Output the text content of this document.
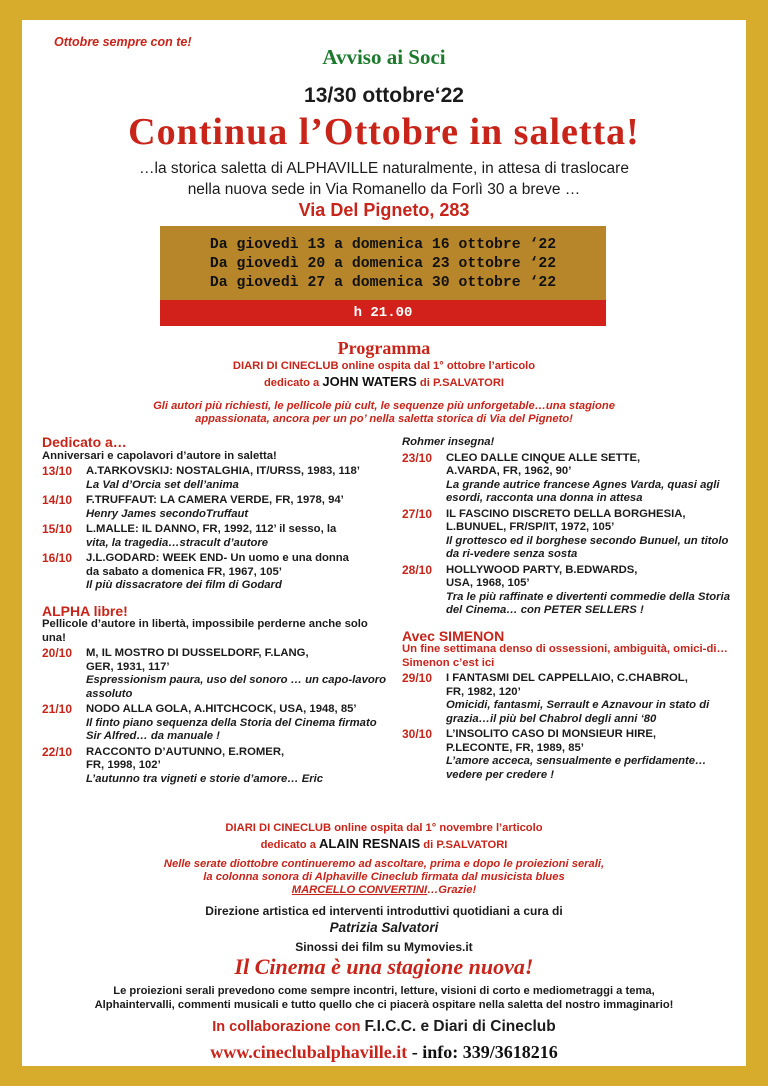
Ottobre sempre con te!
Avviso ai Soci
13/30 ottobre‘22
Continua l’Ottobre in saletta!
…la storica saletta di ALPHAVILLE naturalmente, in attesa di traslocare
nella nuova sede in Via Romanello da Forlì 30 a breve …
Via Del Pigneto, 283
Da giovedì 13 a domenica 16 ottobre ‘22
Da giovedì 20 a domenica 23 ottobre ‘22
Da giovedì 27 a domenica 30 ottobre ‘22
h 21.00
Programma
DIARI DI CINECLUB online ospita dal 1° ottobre l’articolo
dedicato a JOHN WATERS di P.SALVATORI
Gli autori più richiesti, le pellicole più cult, le sequenze più unforgetable…una stagione
appassionata, ancora per un po’ nella saletta storica di Via del Pigneto!
Dedicato a…
Anniversari e capolavori d’autore in saletta!
13/10	A.TARKOVSKIJ: NOSTALGHIA, IT/URSS, 1983, 118’
La Val d’Orcia set dell’anima
14/10	F.TRUFFAUT: LA CAMERA VERDE, FR, 1978, 94’
Henry James secondoTruffaut
15/10	L.MALLE: IL DANNO, FR, 1992, 112’ il sesso, la
vita, la tragedia…stracult d’autore
16/10	J.L.GODARD: WEEK END- Un uomo e una donna
da sabato a domenica FR, 1967, 105’
Il più dissacratore dei film di Godard
ALPHA libre!
Pellicole d’autore in libertà, impossibile perderne anche solo una!
20/10	M, IL MOSTRO DI DUSSELDORF, F.LANG,
GER, 1931, 117’
Espressionism paura, uso del sonoro … un capo-lavoro assoluto
21/10	NODO ALLA GOLA, A.HITCHCOCK, USA, 1948, 85’
Il finto piano sequenza della Storia del Cinema firmato Sir Alfred… da manuale !
22/10	RACCONTO D’AUTUNNO, E.ROMER,
FR, 1998, 102’
L’autunno tra vigneti e storie d’amore… Eric
Rohmer insegna!
23/10	CLEO DALLE CINQUE ALLE SETTE,
A.VARDA, FR, 1962, 90’
La grande autrice francese Agnes Varda, quasi agli esordi, racconta una donna in attesa
27/10	IL FASCINO DISCRETO DELLA BORGHESIA,
L.BUNUEL, FR/SP/IT, 1972, 105’
Il grottesco ed il borghese secondo Bunuel, un titolo da ri-vedere senza sosta
28/10	HOLLYWOOD PARTY, B.EDWARDS,
USA, 1968, 105’
Tra le più raffinate e divertenti commedie della Storia del Cinema… con PETER SELLERS !
Avec SIMENON
Un fine settimana denso di ossessioni, ambiguità, omici-di…Simenon c’est ici
29/10	I FANTASMI DEL CAPPELLAIO, C.CHABROL,
FR, 1982, 120’
Omicidi, fantasmi, Serrault e Aznavour in stato di grazia…il più bel Chabrol degli anni ‘80
30/10	L’INSOLITO CASO DI MONSIEUR HIRE,
P.LECONTE, FR, 1989, 85’
L’amore acceca, sensualmente e perfidamente… vedere per credere !
DIARI DI CINECLUB online ospita dal 1° novembre l’articolo
dedicato a ALAIN RESNAIS di P.SALVATORI
Nelle serate diottobre continueremo ad ascoltare, prima e dopo le proiezioni serali,
la colonna sonora di Alphaville Cineclub firmata dal musicista blues
MARCELLO CONVERTINI…Grazie!
Direzione artistica ed interventi introduttivi quotidiani a cura di
Patrizia Salvatori
Sinossi dei film su Mymovies.it
Il Cinema è una stagione nuova!
Le proiezioni serali prevedono come sempre incontri, letture, visioni di corto e mediometraggi a tema,
Alphaintervalli, commenti musicali e tutto quello che ci piacerà ospitare nella saletta del nostro immaginario!
In collaborazione con F.I.C.C. e Diari di Cineclub
www.cineclubalphaville.it - info: 339/3618216
